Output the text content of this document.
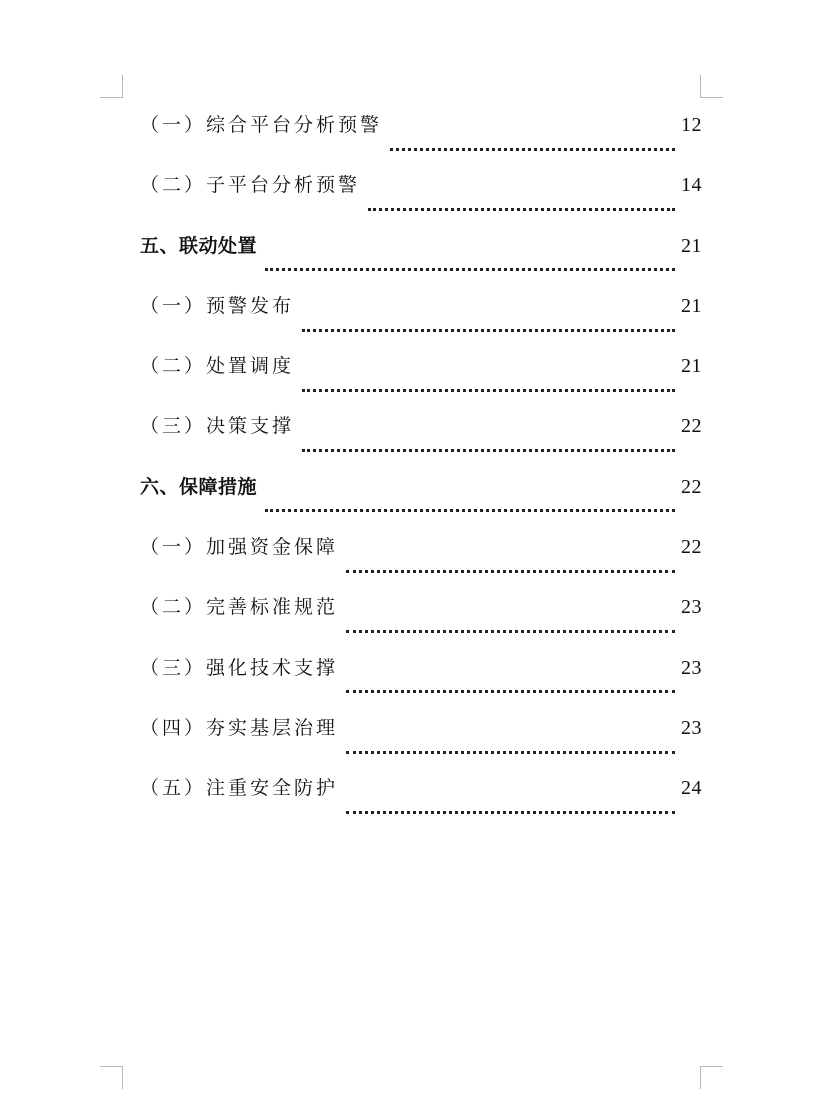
（一）综合平台分析预警	12
（二）子平台分析预警	14
五、联动处置	21
（一）预警发布	21
（二）处置调度	21
（三）决策支撑	22
六、保障措施	22
（一）加强资金保障	22
（二）完善标准规范	23
（三）强化技术支撑	23
（四）夯实基层治理	23
（五）注重安全防护	24
